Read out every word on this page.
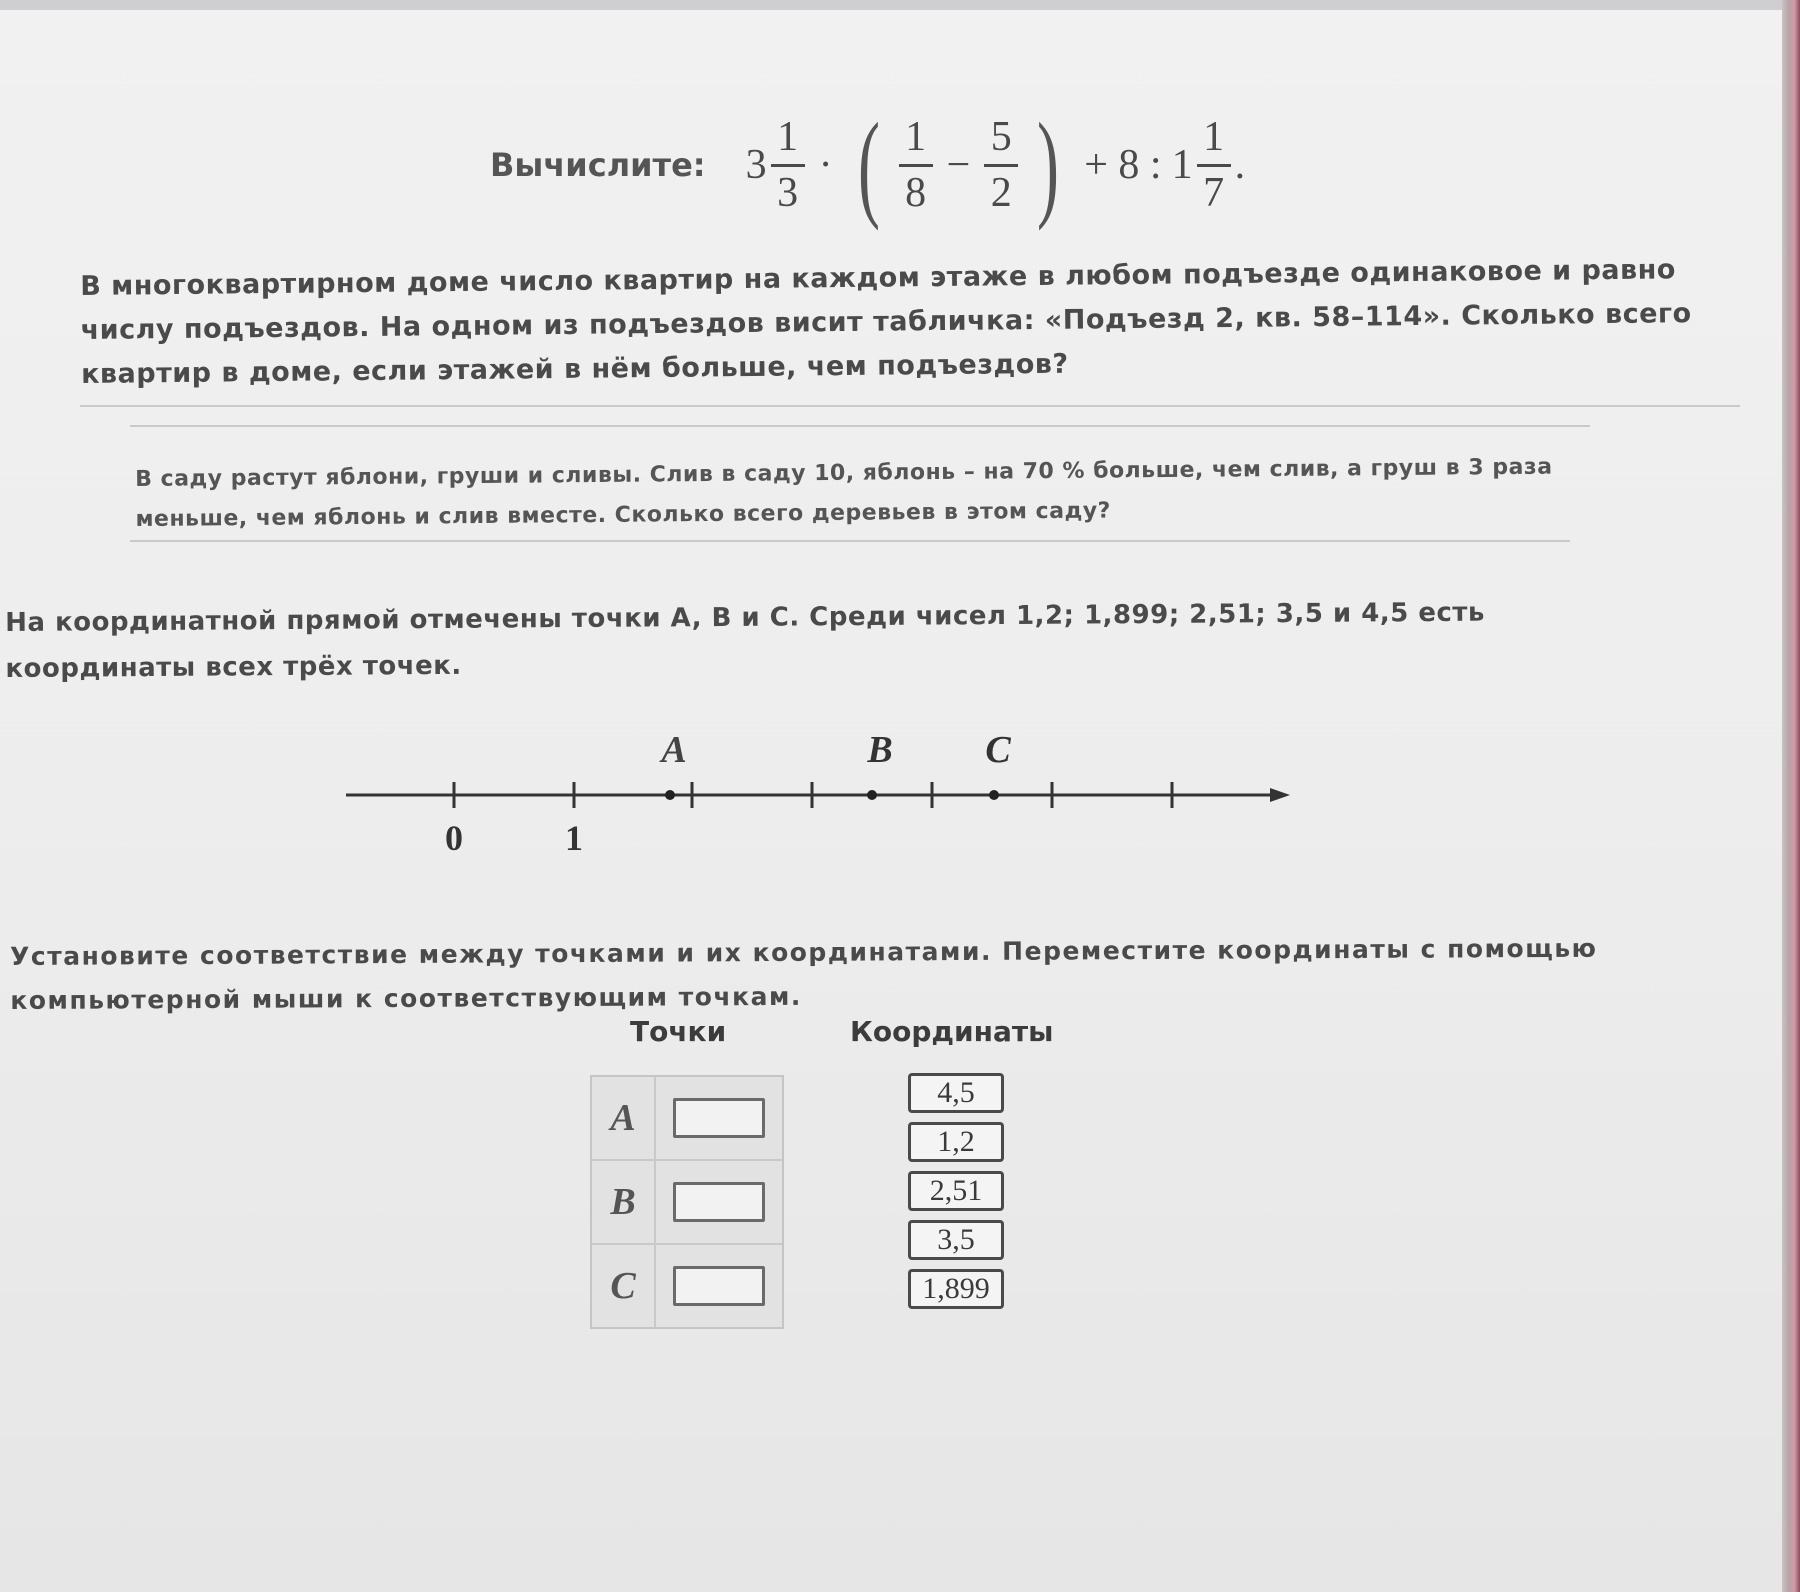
Вычислите: $3 \frac{1}{3}$ · ( $\frac{1}{8} - \frac{5}{2}$ ) + 8 : $1 \frac{1}{7}$ .
В многоквартирном доме число квартир на каждом этаже в любом подъезде одинаковое и равно числу подъездов. На одном из подъездов висит табличка: «Подъезд 2, кв. 58–114». Сколько всего квартир в доме, если этажей в нём больше, чем подъездов?
В саду растут яблони, груши и сливы. Слив в саду 10, яблонь – на 70 % больше, чем слив, а груш в 3 раза меньше, чем яблонь и слив вместе. Сколько всего деревьев в этом саду?
На координатной прямой отмечены точки A, B и C. Среди чисел 1,2; 1,899; 2,51; 3,5 и 4,5 есть координаты всех трёх точек.
A	B C
0	1
Установите соответствие между точками и их координатами. Переместите координаты с помощью компьютерной мыши к соответствующим точкам.
Точки	Координаты
A
B
C
4,5
1,2
2,51
3,5
1,899
